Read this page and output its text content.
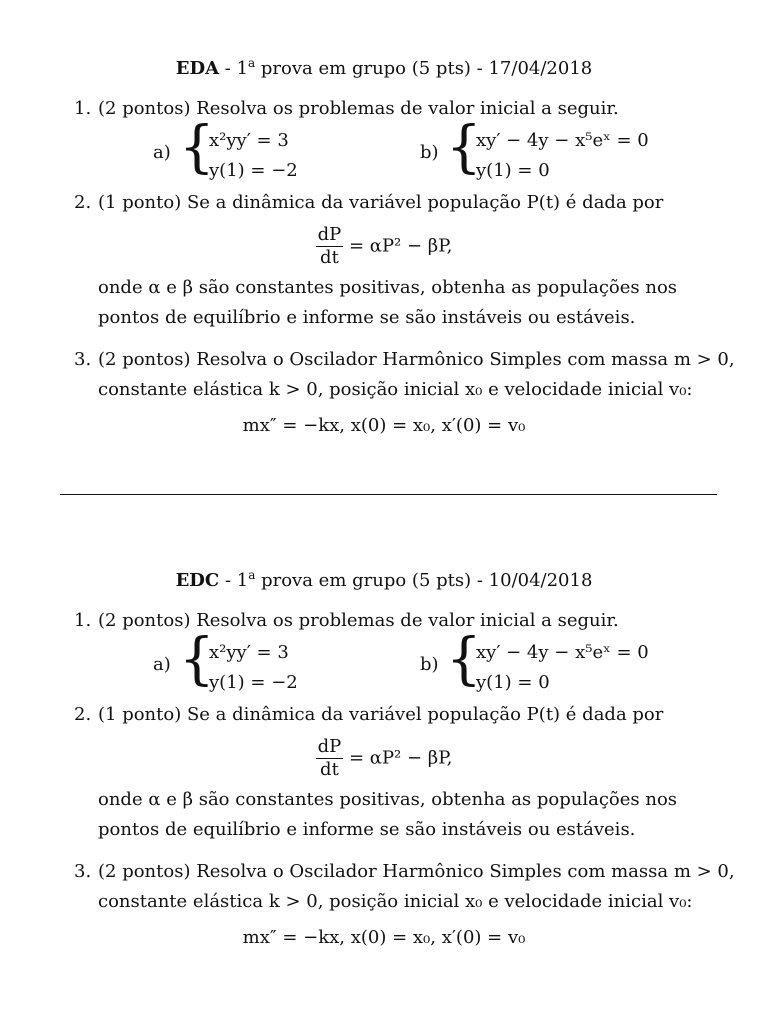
EDA - 1$^a$ prova em grupo (5 pts) - 17/04/2018
1. (2 pontos) Resolva os problemas de valor inicial a seguir.
a) {
x²yy′ = 3
y(1) = −2
b) {
xy′ − 4y − x⁵eˣ = 0
y(1) = 0
2. (1 ponto) Se a dinâmica da variável população P(t) é dada por
$\frac{dP}{dt} = \alpha P^2 - \beta P$,
onde α e β são constantes positivas, obtenha as populações nos pontos de equilíbrio e informe se são instáveis ou estáveis.
3. (2 pontos) Resolva o Oscilador Harmônico Simples com massa m > 0, constante elástica k > 0, posição inicial x₀ e velocidade inicial v₀:
mx″ = −kx, x(0) = x₀, x′(0) = v₀
EDC - 1$^a$ prova em grupo (5 pts) - 10/04/2018
1. (2 pontos) Resolva os problemas de valor inicial a seguir.
a) {
x²yy′ = 3
y(1) = −2
b) {
xy′ − 4y − x⁵eˣ = 0
y(1) = 0
2. (1 ponto) Se a dinâmica da variável população P(t) é dada por
$\frac{dP}{dt} = \alpha P^2 - \beta P$,
onde α e β são constantes positivas, obtenha as populações nos pontos de equilíbrio e informe se são instáveis ou estáveis.
3. (2 pontos) Resolva o Oscilador Harmônico Simples com massa m > 0, constante elástica k > 0, posição inicial x₀ e velocidade inicial v₀:
mx″ = −kx, x(0) = x₀, x′(0) = v₀
